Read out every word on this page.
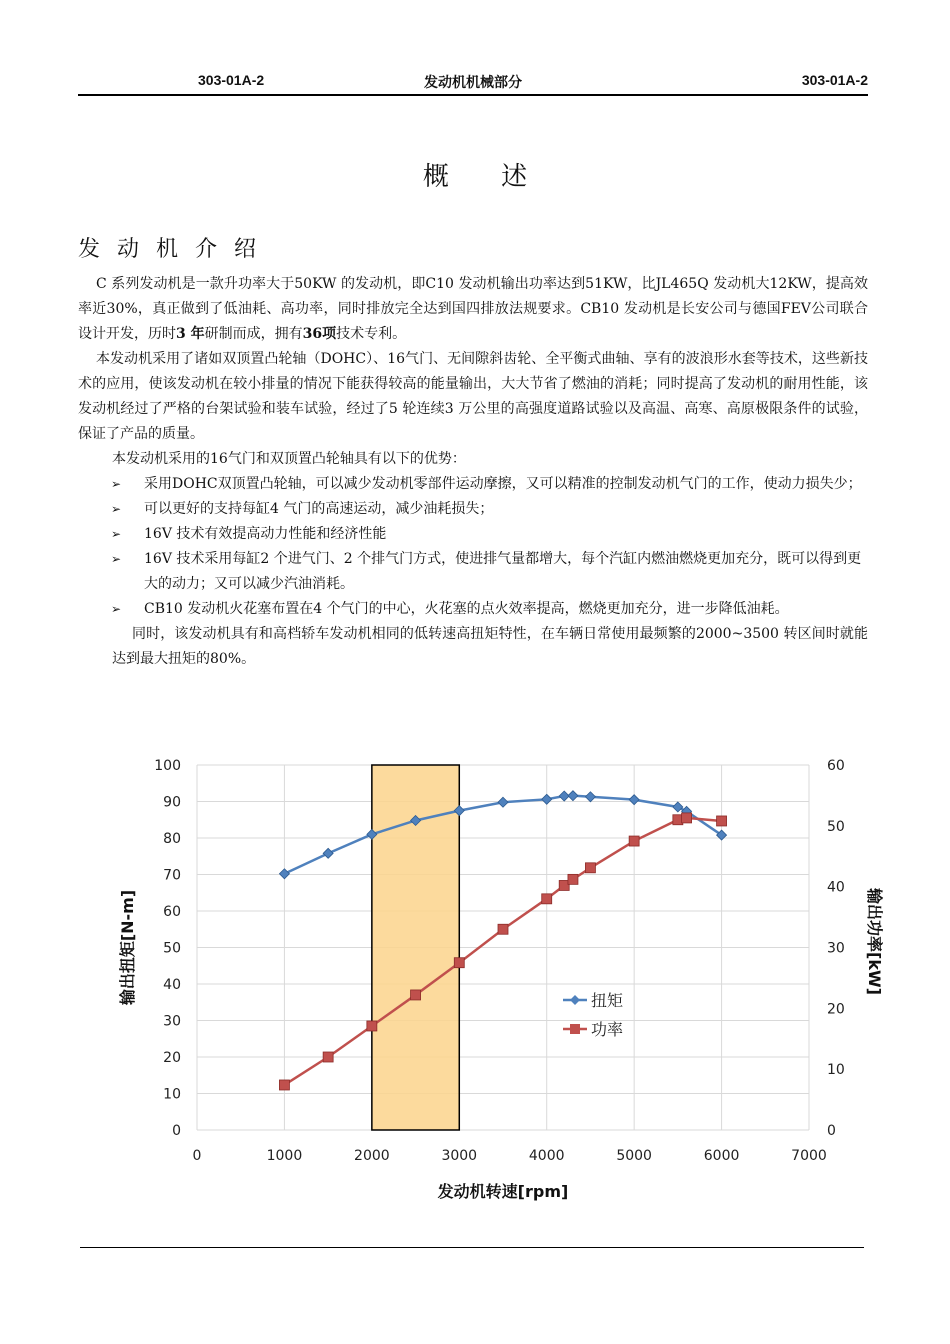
303-01A-2	发动机机械部分	303-01A-2
概 述
发 动 机 介 绍

C 系列发动机是一款升功率大于50KW 的发动机，即C10 发动机输出功率达到51KW，比JL465Q 发动机大12KW，提高效率近30%，真正做到了低油耗、高功率，同时排放完全达到国四排放法规要求。CB10 发动机是长安公司与德国FEV公司联合设计开发，历时3 年研制而成，拥有36项技术专利。

本发动机采用了诸如双顶置凸轮轴（DOHC）、16气门、无间隙斜齿轮、全平衡式曲轴、享有的波浪形水套等技术，这些新技术的应用，使该发动机在较小排量的情况下能获得较高的能量输出，大大节省了燃油的消耗；同时提高了发动机的耐用性能，该发动机经过了严格的台架试验和装车试验，经过了5 轮连续3 万公里的高强度道路试验以及高温、高寒、高原极限条件的试验，保证了产品的质量。

本发动机采用的16气门和双顶置凸轮轴具有以下的优势：

➢ 采用DOHC双顶置凸轮轴，可以减少发动机零部件运动摩擦，又可以精准的控制发动机气门的工作，使动力损失少；
➢ 可以更好的支持每缸4 气门的高速运动，减少油耗损失；
➢ 16V 技术有效提高动力性能和经济性能
➢ 16V 技术采用每缸2 个进气门、2 个排气门方式，使进排气量都增大，每个汽缸内燃油燃烧更加充分，既可以得到更大的动力；又可以减少汽油消耗。
➢ CB10 发动机火花塞布置在4 个气门的中心，火花塞的点火效率提高，燃烧更加充分，进一步降低油耗。

同时，该发动机具有和高档轿车发动机相同的低转速高扭矩特性，在车辆日常使用最频繁的2000~3500 转区间时就能达到最大扭矩的80%。

0
10
20
30
40
50
60
70
80
90
100
0
10
20
30
40
50
60
0	1000	2000	3000	4000	5000	6000	7000
发动机转速[rpm]
输出扭矩[N-m]	输出功率[kW]
扭矩
功率
